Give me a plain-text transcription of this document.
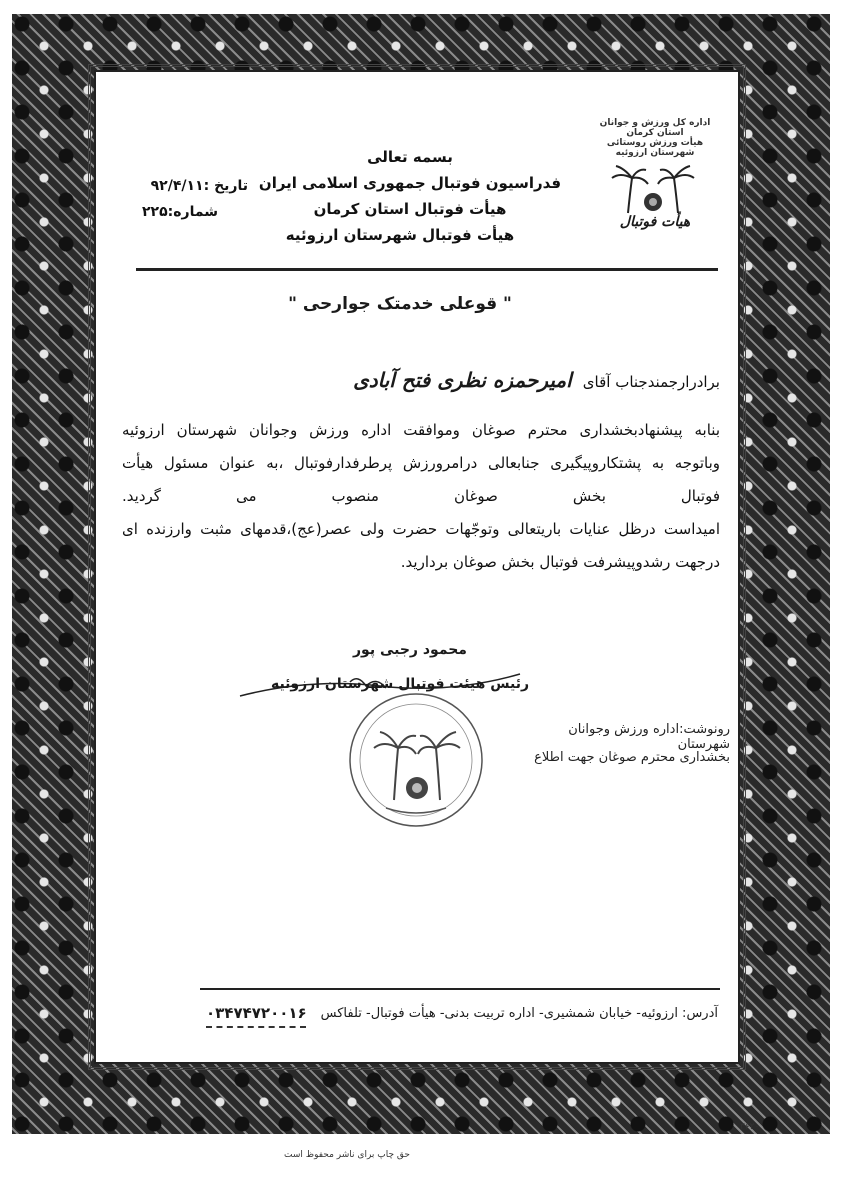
بسمه تعالی
فدراسیون فوتبال جمهوری اسلامی ایران
هیأت فوتبال استان کرمان
هیأت فوتبال شهرستان ارزوئیه
تاریخ :۹۲/۴/۱۱
شماره:۲۲۵
اداره کل ورزش و جوانان استان کرمان
هیأت ورزش روستائی شهرستان ارزوئیه
هیأت فوتبال
" قوعلی خدمتک جوارحی "
برادرارجمندجناب آقای امیرحمزه نظری فتح آبادی
بنابه پیشنهادبخشداری محترم صوغان وموافقت اداره ورزش وجوانان شهرستان ارزوئیه
وباتوجه به پشتکاروپیگیری جنابعالی درامرورزش پرطرفدارفوتبال ،به عنوان مسئول هیأت
فوتبال بخش صوغان منصوب می گردید.
امیداست درظل عنایات باریتعالی وتوجّهات حضرت ولی عصر(عج)،قدمهای مثبت وارزنده ای
درجهت رشدوپیشرفت فوتبال بخش صوغان بردارید.
محمود رجبی پور
رئیس هیئت فوتبال شهرستان ارزوئیه
رونوشت:اداره ورزش وجوانان شهرستان
بخشداری محترم صوغان جهت اطلاع
آدرس: ارزوئیه- خیابان شمشیری- اداره تربیت بدنی- هیأت فوتبال- تلفاکس
۰۳۴۷۴۷۲۰۰۱۶
حق چاپ برای ناشر محفوظ است
۳۶۲۰
